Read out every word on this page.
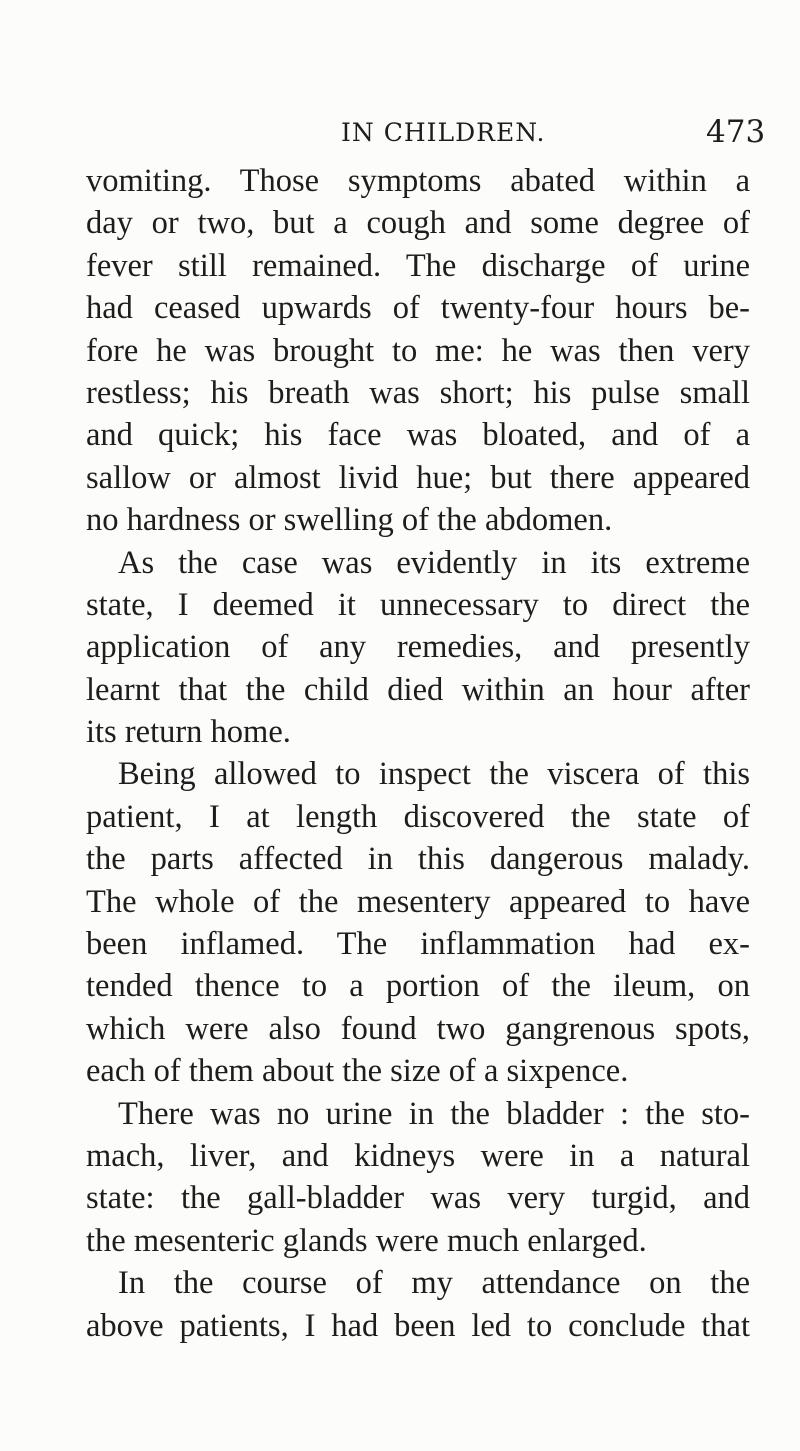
IN CHILDREN.	473
vomiting. Those symptoms abated within a
day or two, but a cough and some degree of
fever still remained. The discharge of urine
had ceased upwards of twenty-four hours be-
fore he was brought to me: he was then very
restless; his breath was short; his pulse small
and quick; his face was bloated, and of a
sallow or almost livid hue; but there appeared
no hardness or swelling of the abdomen.
As the case was evidently in its extreme
state, I deemed it unnecessary to direct the
application of any remedies, and presently
learnt that the child died within an hour after
its return home.
Being allowed to inspect the viscera of this
patient, I at length discovered the state of
the parts affected in this dangerous malady.
The whole of the mesentery appeared to have
been inflamed. The inflammation had ex-
tended thence to a portion of the ileum, on
which were also found two gangrenous spots,
each of them about the size of a sixpence.
There was no urine in the bladder : the sto-
mach, liver, and kidneys were in a natural
state: the gall-bladder was very turgid, and
the mesenteric glands were much enlarged.
In the course of my attendance on the
above patients, I had been led to conclude that
